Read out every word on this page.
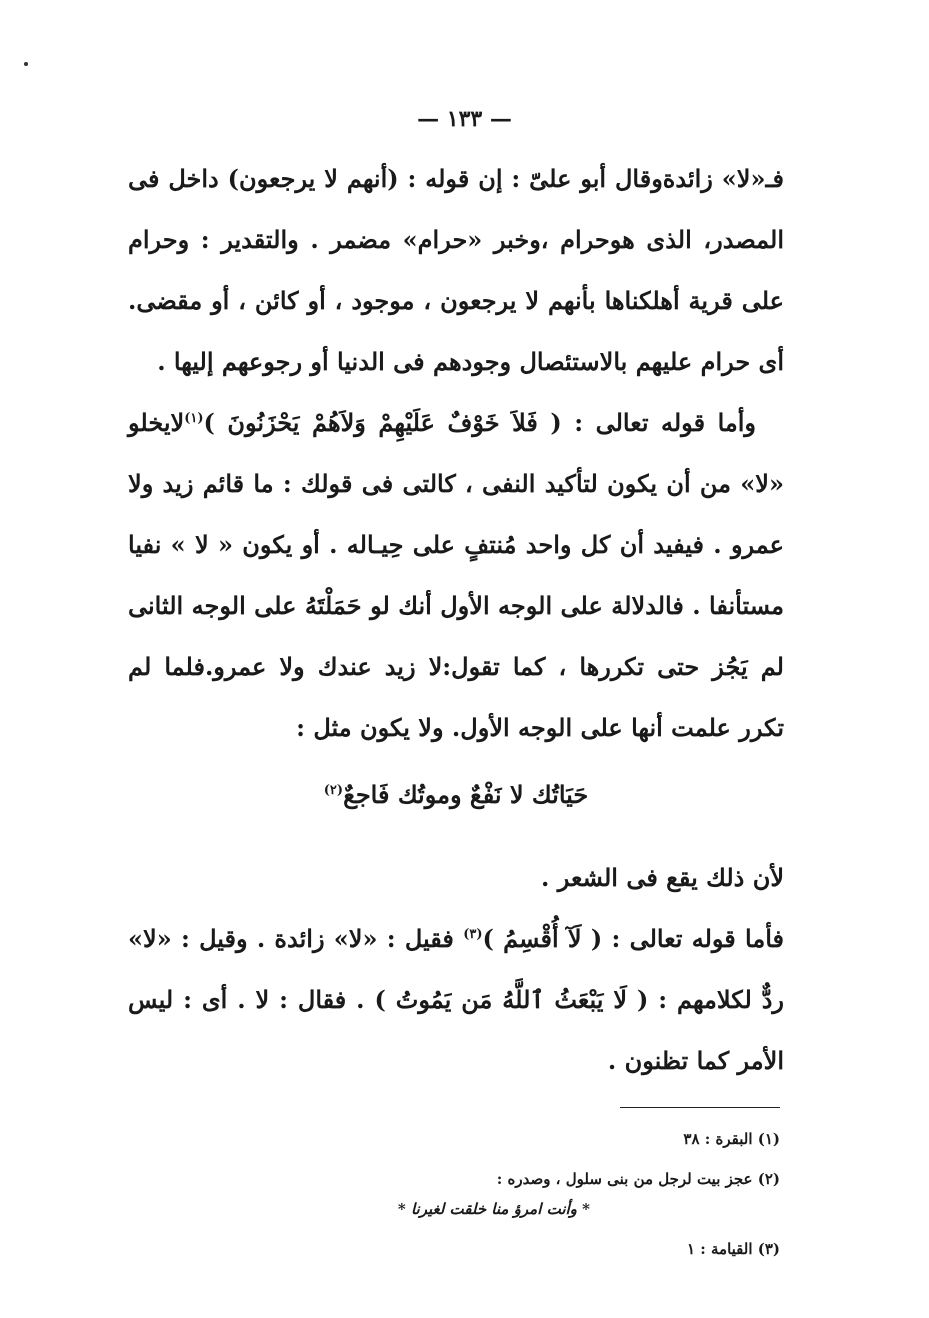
— ١٣٣ —

فـ«لا» زائدةوقال أبو علىّ : إن قوله : (أنهم لا يرجعون) داخل فى المصدر، الذى هوحرام ،وخبر «حرام» مضمر . والتقدير : وحرام على قرية أهلكناها بأنهم لا يرجعون ، موجود ، أو كائن ، أو مقضى. أى حرام عليهم بالاستئصال وجودهم فى الدنيا أو رجوعهم إليها .

وأما قوله تعالى : ( فَلاَ خَوْفٌ عَلَيْهِمْ وَلاَهُمْ يَحْزَنُونَ )$^{(١)}$لايخلو «لا» من أن يكون لتأكيد النفى ، كالتى فى قولك : ما قائم زيد ولا عمرو . فيفيد أن كل واحد مُنتفٍ على حِيـاله . أو يكون « لا » نفيا مستأنفا . فالدلالة على الوجه الأول أنك لو حَمَلْتَهُ على الوجه الثانى لم يَجُز حتى تكررها ، كما تقول:لا زيد عندك ولا عمرو.فلما لم تكرر علمت أنها على الوجه الأول. ولا يكون مثل :

حَيَاتُك لا نَفْعٌ وموتُك فَاجعٌ$^{(٢)}$

لأن ذلك يقع فى الشعر .

فأما قوله تعالى : ( لَآ أُقْسِمُ )$^{(٣)}$ فقيل : «لا» زائدة . وقيل : «لا» ردٌّ لكلامهم : ( لَا يَبْعَثُ ٱللَّهُ مَن يَمُوتُ ) . فقال : لا . أى : ليس الأمر كما تظنون .

(١) البقرة : ٣٨

(٢) عجز بيت لرجل من بنى سلول ، وصدره :

* وأنت امرؤ منا خلقت لغيرنا *

(٣) القيامة : ١
